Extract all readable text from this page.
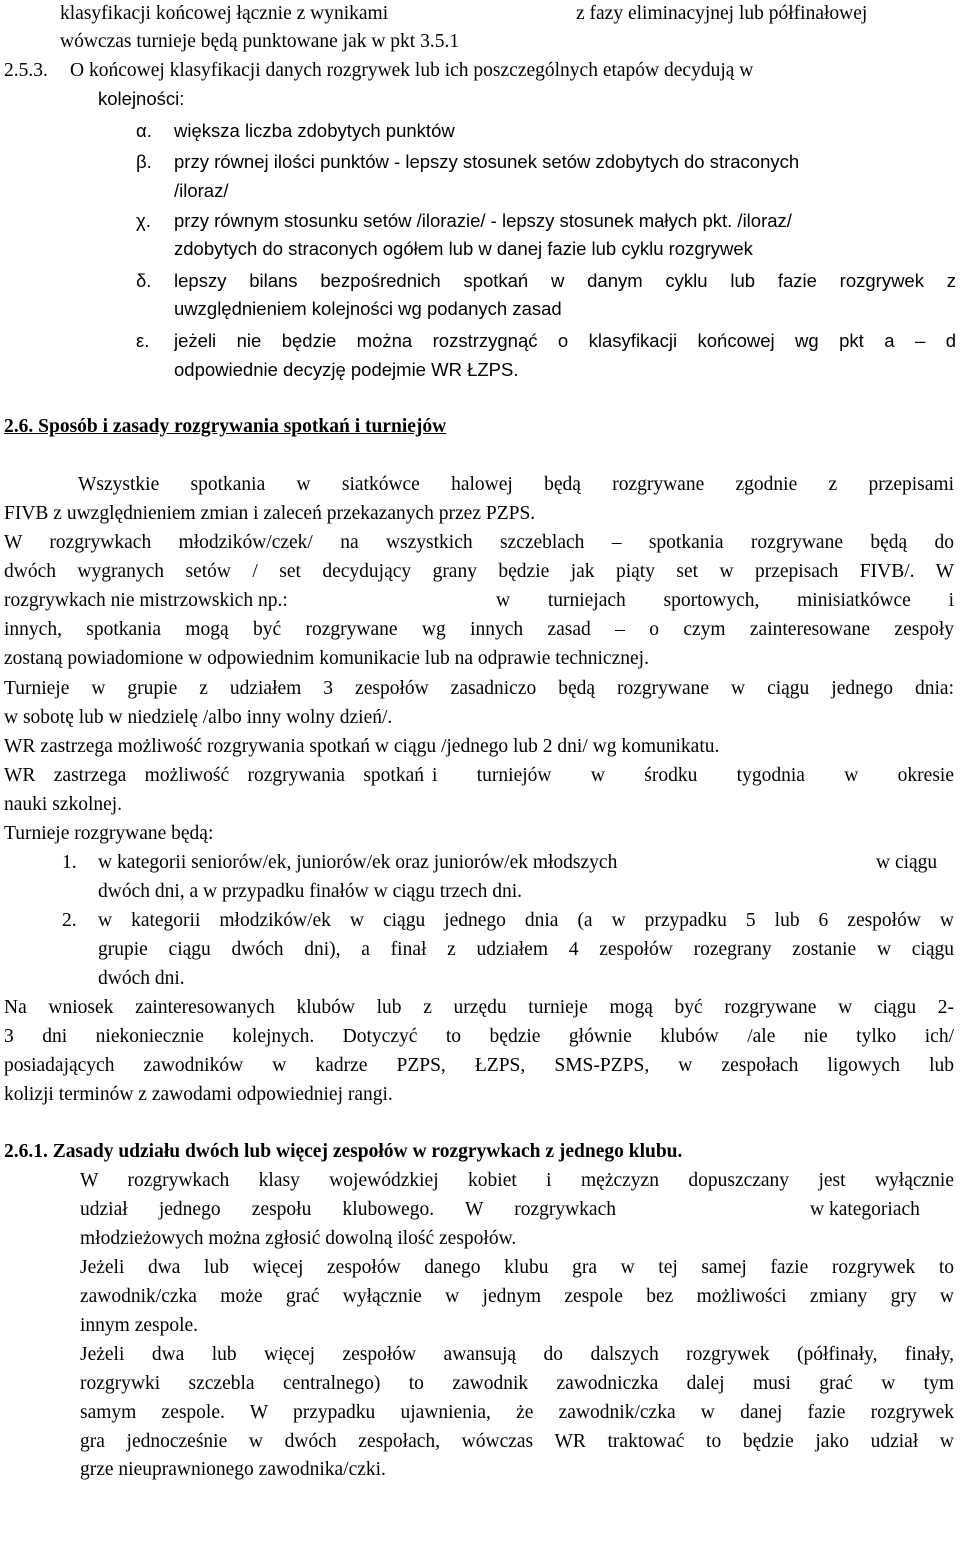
klasyfikacji końcowej łącznie z wynikami

	z fazy eliminacyjnej lub półfinałowej

wówczas turnieje będą punktowane jak w pkt 3.5.1

2.5.3.

O końcowej klasyfikacji danych rozgrywek lub ich poszczególnych etapów decydują w

kolejności:

α.

większa liczba zdobytych punktów

β.

przy równej ilości punktów - lepszy stosunek setów zdobytych do straconych

/iloraz/

χ.

przy równym stosunku setów /ilorazie/ - lepszy stosunek małych pkt. /iloraz/

zdobytych do straconych ogółem lub w danej fazie lub cyklu rozgrywek

δ.

lepszy bilans bezpośrednich spotkań w danym cyklu lub fazie rozgrywek z

uwzględnieniem kolejności wg podanych zasad

ε.

jeżeli nie będzie można rozstrzygnąć o klasyfikacji końcowej wg pkt a – d

odpowiednie decyzję podejmie WR ŁZPS.

2.6. Sposób i zasady rozgrywania spotkań i turniejów

Wszystkie spotkania w siatkówce halowej będą rozgrywane zgodnie z przepisami

FIVB z uwzględnieniem zmian i zaleceń przekazanych przez PZPS.

W rozgrywkach młodzików/czek/ na wszystkich szczeblach – spotkania rozgrywane będą do

dwóch wygranych setów / set decydujący grany będzie jak piąty set w przepisach FIVB/. W

rozgrywkach nie mistrzowskich np.:

	w turniejach sportowych, minisiatkówce i

innych, spotkania mogą być rozgrywane wg innych zasad – o czym zainteresowane zespoły

zostaną powiadomione w odpowiednim komunikacie lub na odprawie technicznej.

Turnieje w grupie z udziałem 3 zespołów zasadniczo będą rozgrywane w ciągu jednego dnia:

w sobotę lub w niedzielę /albo inny wolny dzień/.

WR zastrzega możliwość rozgrywania spotkań w ciągu /jednego lub 2 dni/ wg komunikatu.

WR zastrzega możliwość rozgrywania spotkań

i turniejów w środku tygodnia w okresie

nauki szkolnej.

Turnieje rozgrywane będą:

1.

w kategorii seniorów/ek, juniorów/ek oraz juniorów/ek młodszych

	w ciągu

dwóch dni, a w przypadku finałów w ciągu trzech dni.

2.

w kategorii młodzików/ek w ciągu jednego dnia (a w przypadku 5 lub 6 zespołów w

grupie ciągu dwóch dni), a finał z udziałem 4 zespołów rozegrany zostanie w ciągu

dwóch dni.

Na wniosek zainteresowanych klubów lub z urzędu turnieje mogą być rozgrywane w ciągu 2-

3 dni niekoniecznie kolejnych. Dotyczyć to będzie głównie klubów /ale nie tylko ich/

posiadających zawodników w kadrze PZPS, ŁZPS, SMS-PZPS, w zespołach ligowych lub

kolizji terminów z zawodami odpowiedniej rangi.

2.6.1. Zasady udziału dwóch lub więcej zespołów w rozgrywkach z jednego klubu.

W rozgrywkach klasy wojewódzkiej kobiet i mężczyzn dopuszczany jest wyłącznie

udział jednego zespołu klubowego. W rozgrywkach

	w kategoriach

młodzieżowych można zgłosić dowolną ilość zespołów.

Jeżeli dwa lub więcej zespołów danego klubu gra w tej samej fazie rozgrywek to

zawodnik/czka może grać wyłącznie w jednym zespole bez możliwości zmiany gry w

innym zespole.

Jeżeli dwa lub więcej zespołów awansują do dalszych rozgrywek (półfinały, finały,

rozgrywki szczebla centralnego) to zawodnik zawodniczka dalej musi grać w tym

samym zespole. W przypadku ujawnienia, że zawodnik/czka w danej fazie rozgrywek

gra jednocześnie w dwóch zespołach, wówczas WR traktować to będzie jako udział w

grze nieuprawnionego zawodnika/czki.
